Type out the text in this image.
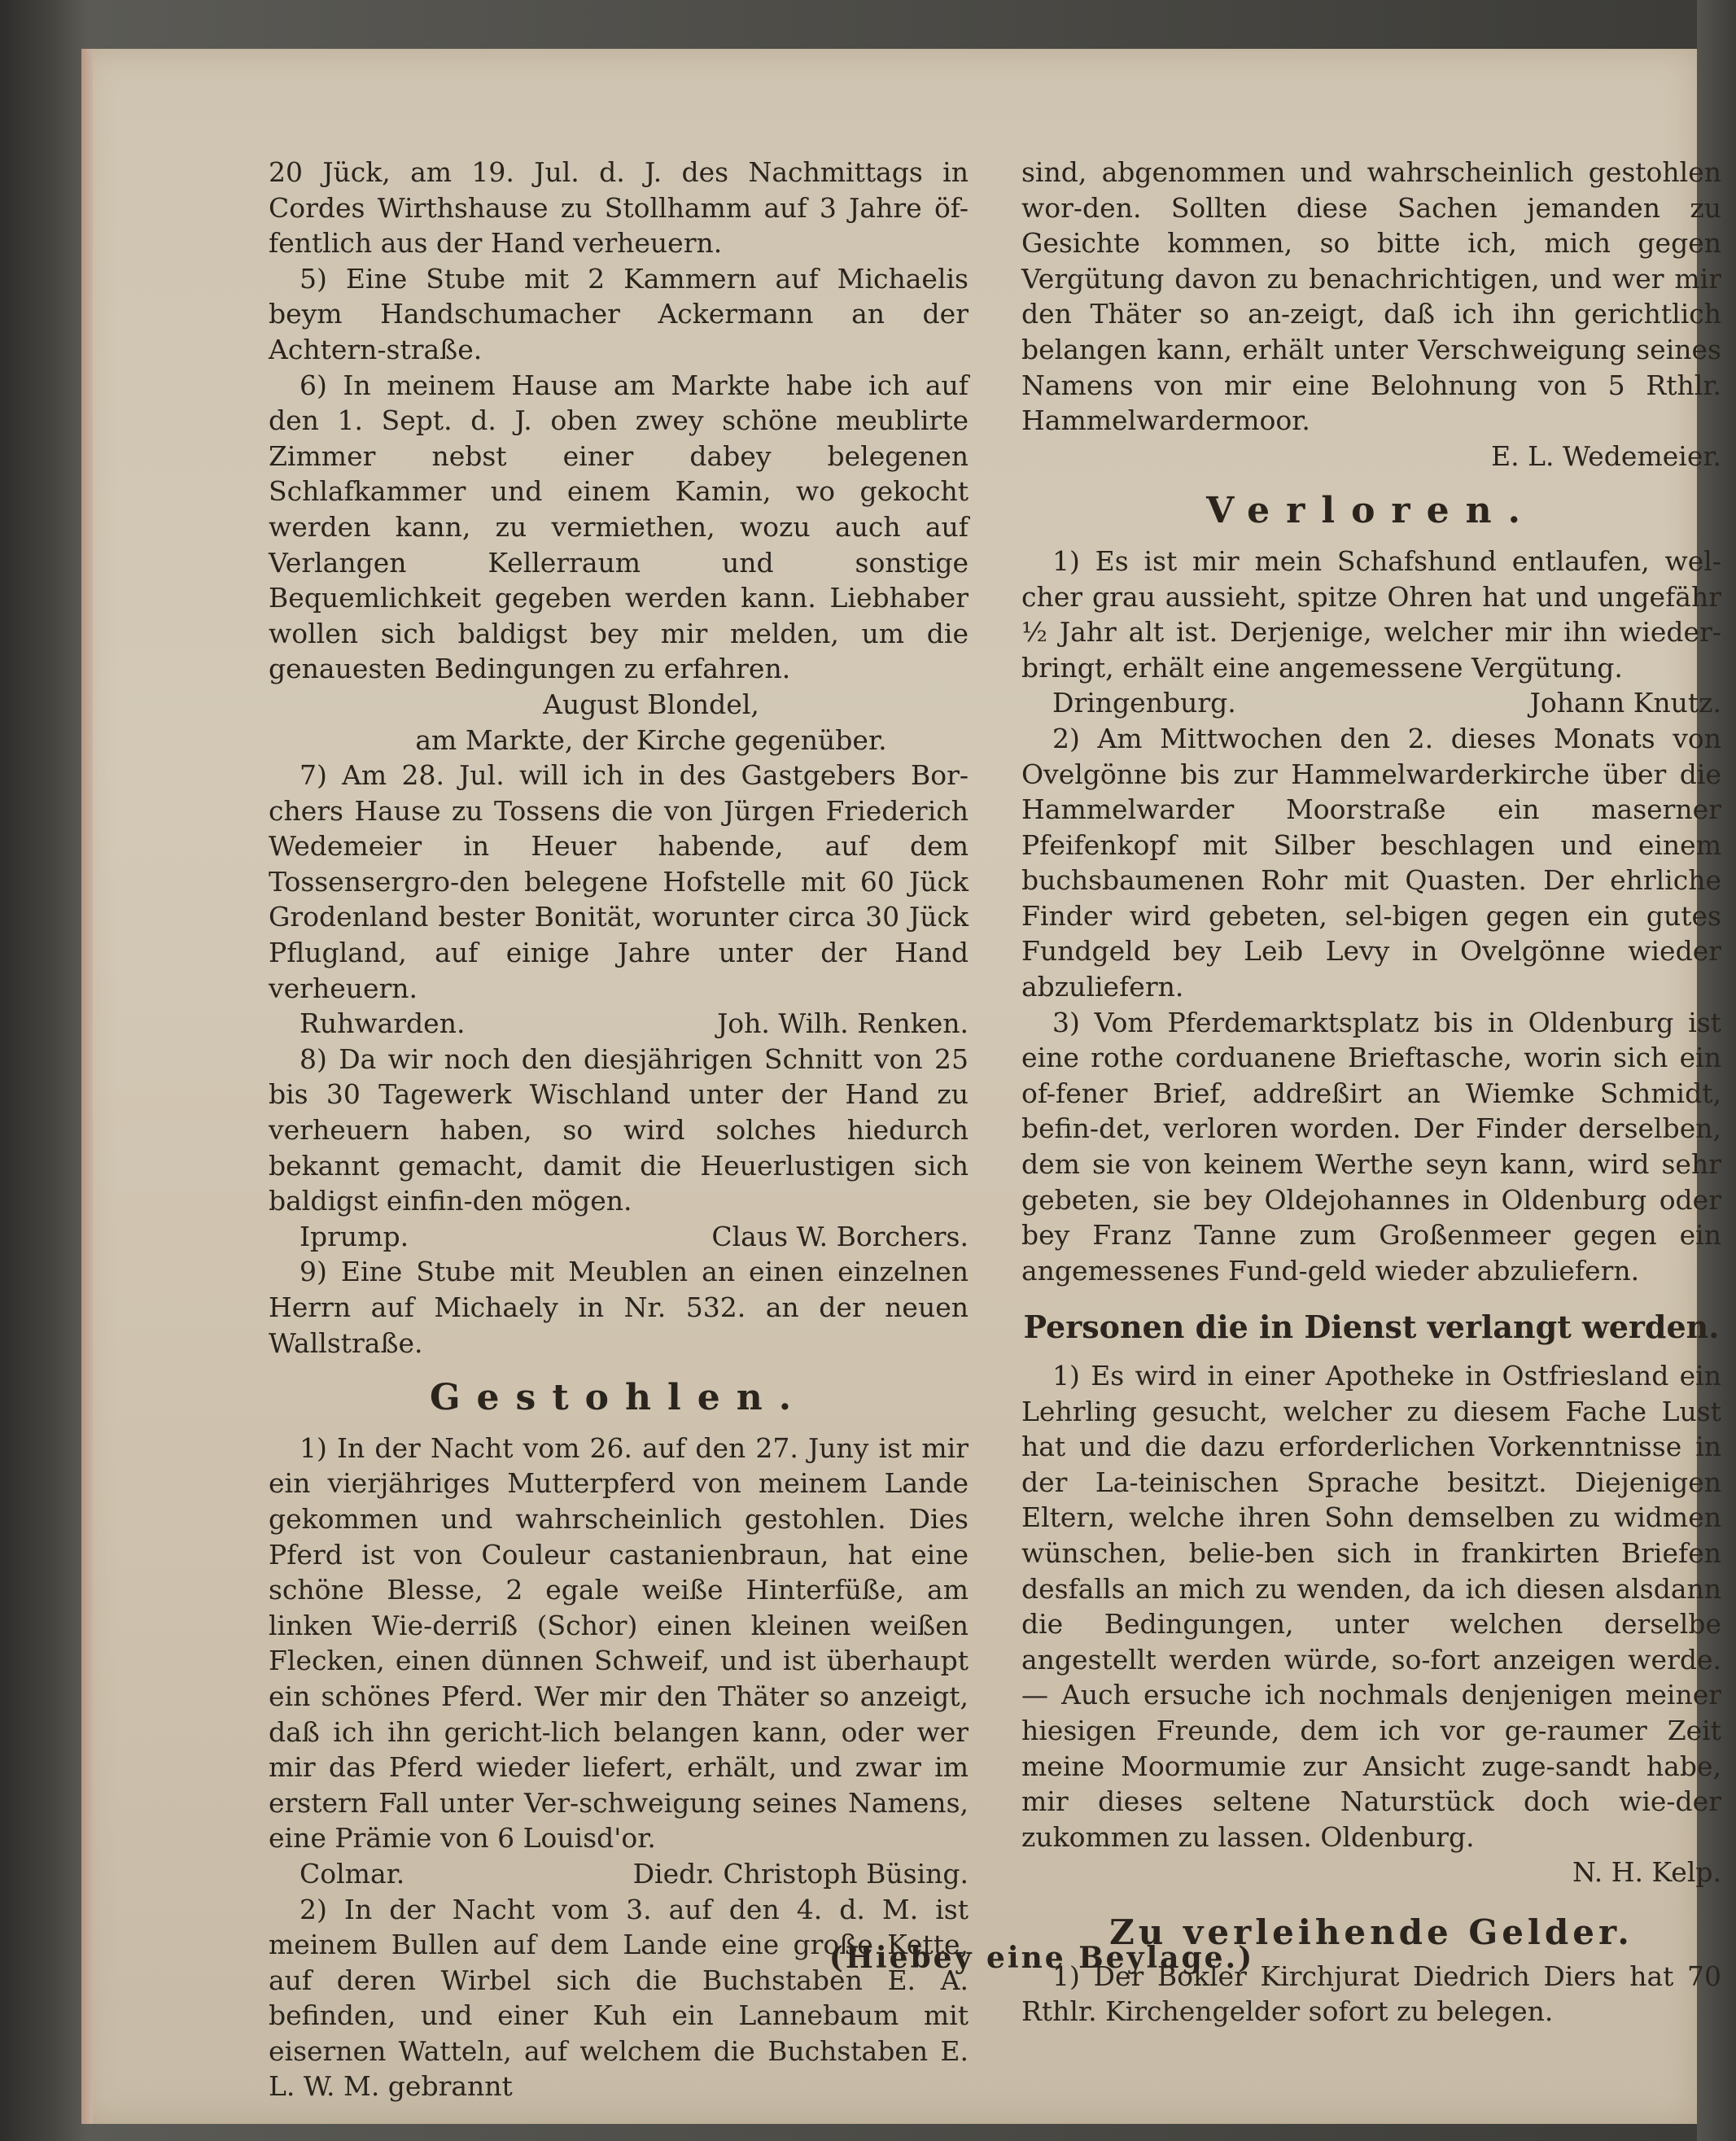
20 Jück, am 19. Jul. d. J. des Nachmittags in Cordes Wirthshause zu Stollhamm auf 3 Jahre öf-fentlich aus der Hand verheuern.

5) Eine Stube mit 2 Kammern auf Michaelis beym Handschumacher Ackermann an der Achtern-straße.

6) In meinem Hause am Markte habe ich auf den 1. Sept. d. J. oben zwey schöne meublirte Zimmer nebst einer dabey belegenen Schlafkammer und einem Kamin, wo gekocht werden kann, zu vermiethen, wozu auch auf Verlangen Kellerraum und sonstige Bequemlichkeit gegeben werden kann. Liebhaber wollen sich baldigst bey mir melden, um die genauesten Bedingungen zu erfahren.

August Blondel,

am Markte, der Kirche gegenüber.

7) Am 28. Jul. will ich in des Gastgebers Bor-chers Hause zu Tossens die von Jürgen Friederich Wedemeier in Heuer habende, auf dem Tossensergro-den belegene Hofstelle mit 60 Jück Grodenland bester Bonität, worunter circa 30 Jück Pflugland, auf einige Jahre unter der Hand verheuern.

Ruhwarden.	Joh. Wilh. Renken.

8) Da wir noch den diesjährigen Schnitt von 25 bis 30 Tagewerk Wischland unter der Hand zu verheuern haben, so wird solches hiedurch bekannt gemacht, damit die Heuerlustigen sich baldigst einfin-den mögen.

Iprump.	Claus W. Borchers.

9) Eine Stube mit Meublen an einen einzelnen Herrn auf Michaely in Nr. 532. an der neuen Wallstraße.

Gestohlen.

1) In der Nacht vom 26. auf den 27. Juny ist mir ein vierjähriges Mutterpferd von meinem Lande gekommen und wahrscheinlich gestohlen. Dies Pferd ist von Couleur castanienbraun, hat eine schöne Blesse, 2 egale weiße Hinterfüße, am linken Wie-derriß (Schor) einen kleinen weißen Flecken, einen dünnen Schweif, und ist überhaupt ein schönes Pferd. Wer mir den Thäter so anzeigt, daß ich ihn gericht-lich belangen kann, oder wer mir das Pferd wieder liefert, erhält, und zwar im erstern Fall unter Ver-schweigung seines Namens, eine Prämie von 6 Louisd'or.

Colmar.	Diedr. Christoph Büsing.

2) In der Nacht vom 3. auf den 4. d. M. ist meinem Bullen auf dem Lande eine große Kette, auf deren Wirbel sich die Buchstaben E. A. befinden, und einer Kuh ein Lannebaum mit eisernen Watteln, auf welchem die Buchstaben E. L. W. M. gebrannt

sind, abgenommen und wahrscheinlich gestohlen wor-den. Sollten diese Sachen jemanden zu Gesichte kommen, so bitte ich, mich gegen Vergütung davon zu benachrichtigen, und wer mir den Thäter so an-zeigt, daß ich ihn gerichtlich belangen kann, erhält unter Verschweigung seines Namens von mir eine Belohnung von 5 Rthlr. Hammelwardermoor.

E. L. Wedemeier.

Verloren.

1) Es ist mir mein Schafshund entlaufen, wel-cher grau aussieht, spitze Ohren hat und ungefähr ½ Jahr alt ist. Derjenige, welcher mir ihn wieder-bringt, erhält eine angemessene Vergütung.

Dringenburg.	Johann Knutz.

2) Am Mittwochen den 2. dieses Monats von Ovelgönne bis zur Hammelwarderkirche über die Hammelwarder Moorstraße ein maserner Pfeifenkopf mit Silber beschlagen und einem buchsbaumenen Rohr mit Quasten. Der ehrliche Finder wird gebeten, sel-bigen gegen ein gutes Fundgeld bey Leib Levy in Ovelgönne wieder abzuliefern.

3) Vom Pferdemarktsplatz bis in Oldenburg ist eine rothe corduanene Brieftasche, worin sich ein of-fener Brief, addreßirt an Wiemke Schmidt, befin-det, verloren worden. Der Finder derselben, dem sie von keinem Werthe seyn kann, wird sehr gebeten, sie bey Oldejohannes in Oldenburg oder bey Franz Tanne zum Großenmeer gegen ein angemessenes Fund-geld wieder abzuliefern.

Personen die in Dienst verlangt werden.

1) Es wird in einer Apotheke in Ostfriesland ein Lehrling gesucht, welcher zu diesem Fache Lust hat und die dazu erforderlichen Vorkenntnisse in der La-teinischen Sprache besitzt. Diejenigen Eltern, welche ihren Sohn demselben zu widmen wünschen, belie-ben sich in frankirten Briefen desfalls an mich zu wenden, da ich diesen alsdann die Bedingungen, unter welchen derselbe angestellt werden würde, so-fort anzeigen werde. — Auch ersuche ich nochmals denjenigen meiner hiesigen Freunde, dem ich vor ge-raumer Zeit meine Moormumie zur Ansicht zuge-sandt habe, mir dieses seltene Naturstück doch wie-der zukommen zu lassen. Oldenburg.

N. H. Kelp.

Zu verleihende Gelder.

1) Der Bokler Kirchjurat Diedrich Diers hat 70 Rthlr. Kirchengelder sofort zu belegen.

(Hiebey eine Beylage.)
